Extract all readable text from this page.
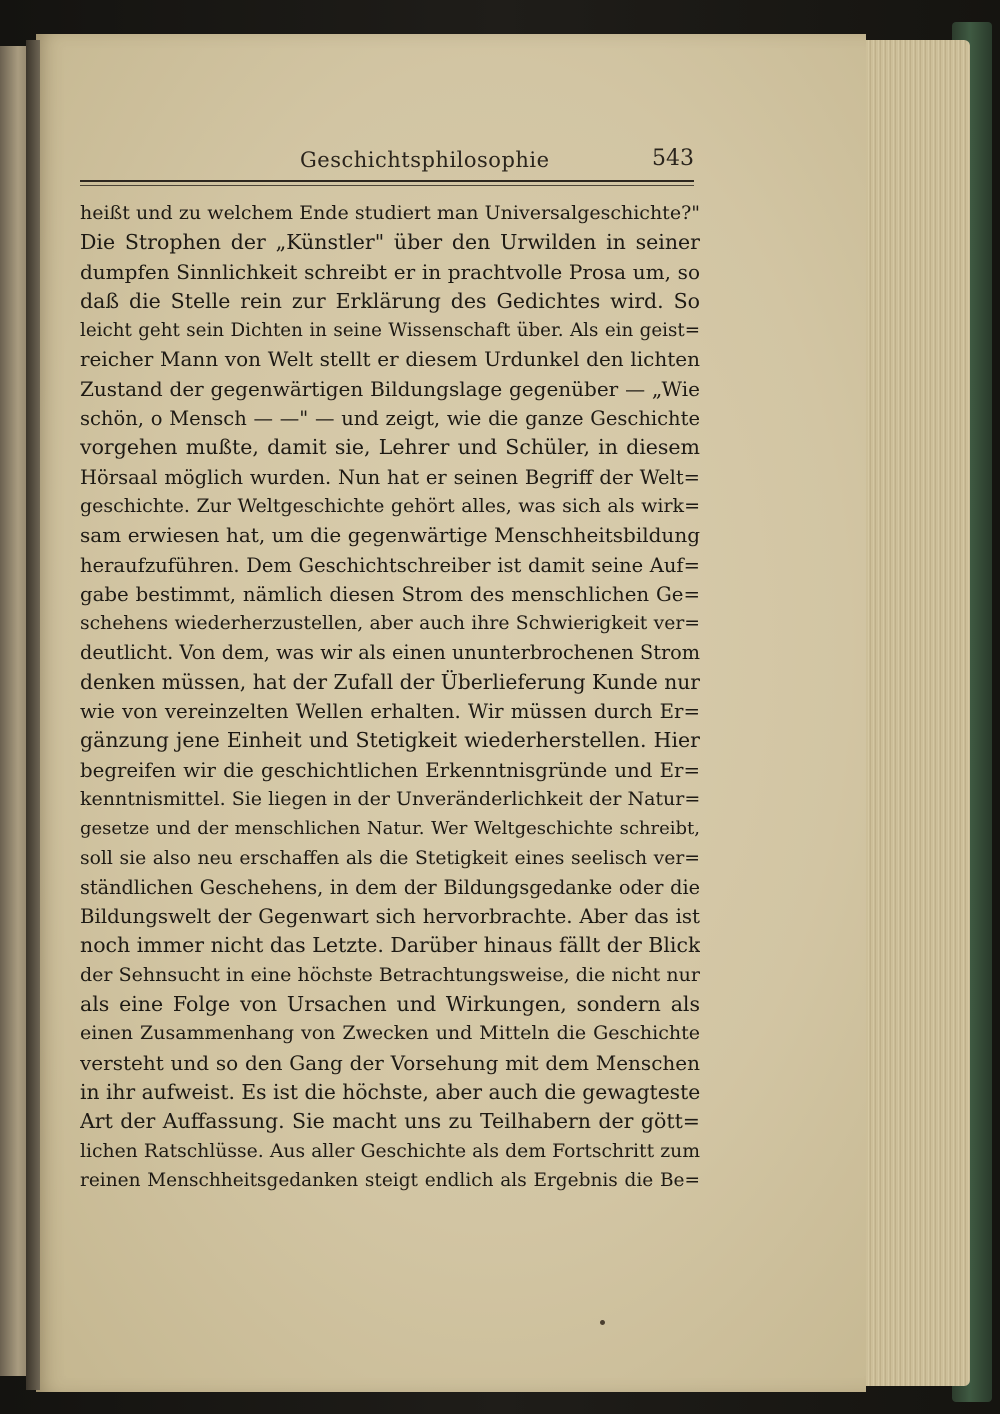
Geschichtsphilosophie	543
heißt und zu welchem Ende studiert man Universalgeschichte?"
Die Strophen der „Künstler" über den Urwilden in seiner
dumpfen Sinnlichkeit schreibt er in prachtvolle Prosa um, so
daß die Stelle rein zur Erklärung des Gedichtes wird. So
leicht geht sein Dichten in seine Wissenschaft über. Als ein geist=
reicher Mann von Welt stellt er diesem Urdunkel den lichten
Zustand der gegenwärtigen Bildungslage gegenüber — „Wie
schön, o Mensch — —" — und zeigt, wie die ganze Geschichte
vorgehen mußte, damit sie, Lehrer und Schüler, in diesem
Hörsaal möglich wurden. Nun hat er seinen Begriff der Welt=
geschichte. Zur Weltgeschichte gehört alles, was sich als wirk=
sam erwiesen hat, um die gegenwärtige Menschheitsbildung
heraufzuführen. Dem Geschichtschreiber ist damit seine Auf=
gabe bestimmt, nämlich diesen Strom des menschlichen Ge=
schehens wiederherzustellen, aber auch ihre Schwierigkeit ver=
deutlicht. Von dem, was wir als einen ununterbrochenen Strom
denken müssen, hat der Zufall der Überlieferung Kunde nur
wie von vereinzelten Wellen erhalten. Wir müssen durch Er=
gänzung jene Einheit und Stetigkeit wiederherstellen. Hier
begreifen wir die geschichtlichen Erkenntnisgründe und Er=
kenntnismittel. Sie liegen in der Unveränderlichkeit der Natur=
gesetze und der menschlichen Natur. Wer Weltgeschichte schreibt,
soll sie also neu erschaffen als die Stetigkeit eines seelisch ver=
ständlichen Geschehens, in dem der Bildungsgedanke oder die
Bildungswelt der Gegenwart sich hervorbrachte. Aber das ist
noch immer nicht das Letzte. Darüber hinaus fällt der Blick
der Sehnsucht in eine höchste Betrachtungsweise, die nicht nur
als eine Folge von Ursachen und Wirkungen, sondern als
einen Zusammenhang von Zwecken und Mitteln die Geschichte
versteht und so den Gang der Vorsehung mit dem Menschen
in ihr aufweist. Es ist die höchste, aber auch die gewagteste
Art der Auffassung. Sie macht uns zu Teilhabern der gött=
lichen Ratschlüsse. Aus aller Geschichte als dem Fortschritt zum
reinen Menschheitsgedanken steigt endlich als Ergebnis die Be=
